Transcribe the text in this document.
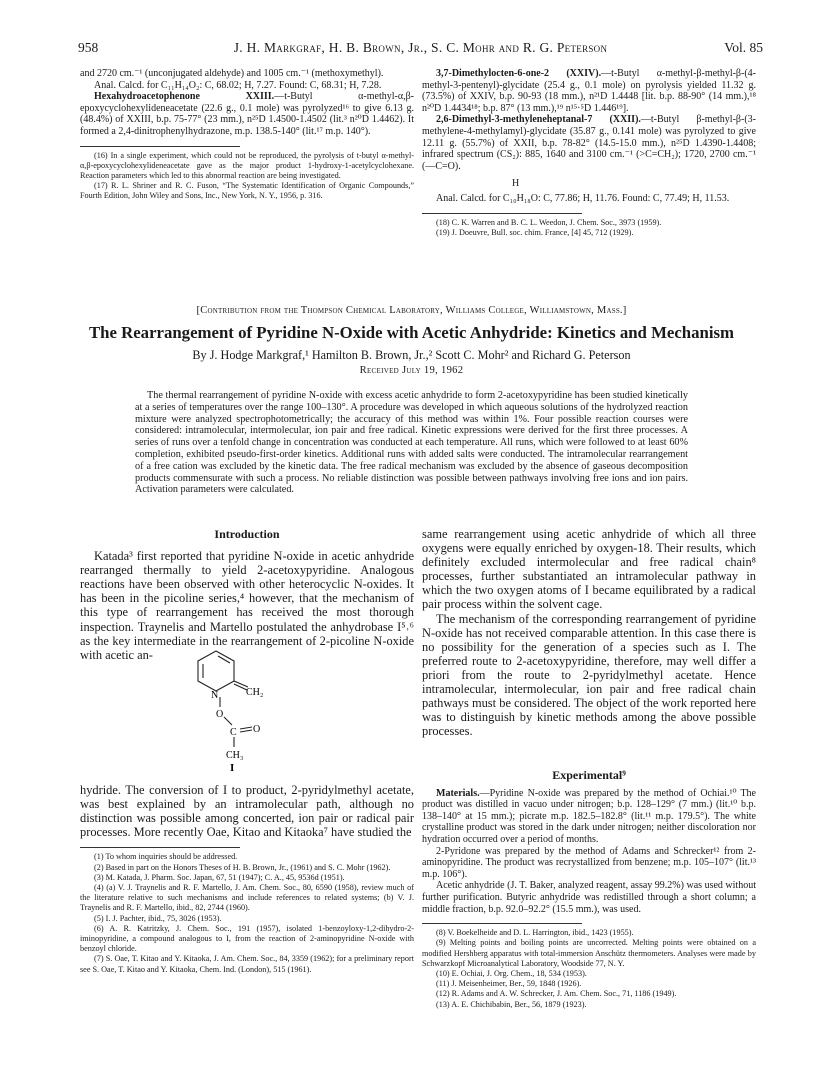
958	J. H. Markgraf, H. B. Brown, Jr., S. C. Mohr and R. G. Peterson	Vol. 85

and 2720 cm.⁻¹ (unconjugated aldehyde) and 1005 cm.⁻¹ (methoxymethyl).

Anal. Calcd. for C₁₁H₁₄O₂: C, 68.02; H, 7.27. Found: C, 68.31; H, 7.28.

Hexahydroacetophenone XXIII.—t-Butyl α-methyl-α,β-epoxycyclohexylideneacetate (22.6 g., 0.1 mole) was pyrolyzed¹⁶ to give 6.13 g. (48.4%) of XXIII, b.p. 75-77° (23 mm.), n²⁵D 1.4500-1.4502 (lit.³ n²⁰D 1.4462). It formed a 2,4-dinitrophenylhydrazone, m.p. 138.5-140° (lit.¹⁷ m.p. 140°).

(16) In a single experiment, which could not be reproduced, the pyrolysis of t-butyl α-methyl-α,β-epoxycyclohexylideneacetate gave as the major product 1-hydroxy-1-acetylcyclohexane. Reaction parameters which led to this abnormal reaction are being investigated.

(17) R. L. Shriner and R. C. Fuson, “The Systematic Identification of Organic Compounds,” Fourth Edition, John Wiley and Sons, Inc., New York, N. Y., 1956, p. 316.

3,7-Dimethylocten-6-one-2 (XXIV).—t-Butyl α-methyl-β-methyl-β-(4-methyl-3-pentenyl)-glycidate (25.4 g., 0.1 mole) on pyrolysis yielded 11.32 g. (73.5%) of XXIV, b.p. 90-93 (18 mm.), n²¹D 1.4448 [lit. b.p. 88-90° (14 mm.),¹⁸ n²⁰D 1.4434¹⁸; b.p. 87° (13 mm.),¹⁹ n¹⁵·⁵D 1.446¹⁹].

2,6-Dimethyl-3-methyleneheptanal-7 (XXII).—t-Butyl β-methyl-β-(3-methylene-4-methylamyl)-glycidate (35.87 g., 0.141 mole) was pyrolyzed to give 12.11 g. (55.7%) of XXII, b.p. 78-82° (14.5-15.0 mm.), n²⁵D 1.4390-1.4408; infrared spectrum (CS₂): 885, 1640 and 3100 cm.⁻¹ (>C=CH₂); 1720, 2700 cm.⁻¹ (—C=O).

H

Anal. Calcd. for C₁₀H₁₈O: C, 77.86; H, 11.76. Found: C, 77.49; H, 11.53.

(18) C. K. Warren and B. C. L. Weedon, J. Chem. Soc., 3973 (1959).

(19) J. Doeuvre, Bull. soc. chim. France, [4] 45, 712 (1929).

[Contribution from the Thompson Chemical Laboratory, Williams College, Williamstown, Mass.]
The Rearrangement of Pyridine N-Oxide with Acetic Anhydride: Kinetics and Mechanism
By J. Hodge Markgraf,¹ Hamilton B. Brown, Jr.,² Scott C. Mohr² and Richard G. Peterson
Received July 19, 1962
The thermal rearrangement of pyridine N-oxide with excess acetic anhydride to form 2-acetoxypyridine has been studied kinetically at a series of temperatures over the range 100–130°. A procedure was developed in which aqueous solutions of the hydrolyzed reaction mixture were analyzed spectrophotometrically; the accuracy of this method was within 1%. Four possible reaction courses were considered: intramolecular, intermolecular, ion pair and free radical. Kinetic expressions were derived for the first three processes. A series of runs over a tenfold change in concentration was conducted at each temperature. All runs, which were followed to at least 60% completion, exhibited pseudo-first-order kinetics. Additional runs with added salts were conducted. The intramolecular rearrangement of a free cation was excluded by the kinetic data. The free radical mechanism was excluded by the absence of gaseous decomposition products commensurate with such a process. No reliable distinction was possible between pathways involving free ions and ion pairs. Activation parameters were calculated.

Introduction

Katada³ first reported that pyridine N-oxide in acetic anhydride rearranged thermally to yield 2-acetoxypyridine. Analogous reactions have been observed with other heterocyclic N-oxides. It has been in the picoline series,⁴ however, that the mechanism of this type of rearrangement has received the most thorough inspection. Traynelis and Martello postulated the anhydrobase I⁵˒⁶ as the key intermediate in the rearrangement of 2-picoline N-oxide with acetic an-

N	CH₂
O
C O
CH₃
I

hydride. The conversion of I to product, 2-pyridylmethyl acetate, was best explained by an intramolecular path, although no distinction was possible among concerted, ion pair or radical pair processes. More recently Oae, Kitao and Kitaoka⁷ have studied the

(1) To whom inquiries should be addressed.

(2) Based in part on the Honors Theses of H. B. Brown, Jr., (1961) and S. C. Mohr (1962).

(3) M. Katada, J. Pharm. Soc. Japan, 67, 51 (1947); C. A., 45, 9536d (1951).

(4) (a) V. J. Traynelis and R. F. Martello, J. Am. Chem. Soc., 80, 6590 (1958), review much of the literature relative to such mechanisms and include references to related systems; (b) V. J. Traynelis and R. F. Martello, ibid., 82, 2744 (1960).

(5) I. J. Pachter, ibid., 75, 3026 (1953).

(6) A. R. Katritzky, J. Chem. Soc., 191 (1957), isolated 1-benzoyloxy-1,2-dihydro-2-iminopyridine, a compound analogous to I, from the reaction of 2-aminopyridine N-oxide with benzoyl chloride.

(7) S. Oae, T. Kitao and Y. Kitaoka, J. Am. Chem. Soc., 84, 3359 (1962); for a preliminary report see S. Oae, T. Kitao and Y. Kitaoka, Chem. Ind. (London), 515 (1961).

same rearrangement using acetic anhydride of which all three oxygens were equally enriched by oxygen-18. Their results, which definitely excluded intermolecular and free radical chain⁸ processes, further substantiated an intramolecular pathway in which the two oxygen atoms of I became equilibrated by a radical pair process within the solvent cage.

The mechanism of the corresponding rearrangement of pyridine N-oxide has not received comparable attention. In this case there is no possibility for the generation of a species such as I. The preferred route to 2-acetoxypyridine, therefore, may well differ a priori from the route to 2-pyridylmethyl acetate. Hence intramolecular, intermolecular, ion pair and free radical chain pathways must be considered. The object of the work reported here was to distinguish by kinetic methods among the above possible processes.

Experimental⁹

Materials.—Pyridine N-oxide was prepared by the method of Ochiai.¹⁰ The product was distilled in vacuo under nitrogen; b.p. 128–129° (7 mm.) (lit.¹⁰ b.p. 138–140° at 15 mm.); picrate m.p. 182.5–182.8° (lit.¹¹ m.p. 179.5°). The white crystalline product was stored in the dark under nitrogen; neither discoloration nor hydration occurred over a period of months.

2-Pyridone was prepared by the method of Adams and Schrecker¹² from 2-aminopyridine. The product was recrystallized from benzene; m.p. 105–107° (lit.¹³ m.p. 106°).

Acetic anhydride (J. T. Baker, analyzed reagent, assay 99.2%) was used without further purification. Butyric anhydride was redistilled through a short column; a middle fraction, b.p. 92.0–92.2° (15.5 mm.), was used.

(8) V. Boekelheide and D. L. Harrington, ibid., 1423 (1955).

(9) Melting points and boiling points are uncorrected. Melting points were obtained on a modified Hershberg apparatus with total-immersion Anschütz thermometers. Analyses were made by Schwarzkopf Microanalytical Laboratory, Woodside 77, N. Y.

(10) E. Ochiai, J. Org. Chem., 18, 534 (1953).

(11) J. Meisenheimer, Ber., 59, 1848 (1926).

(12) R. Adams and A. W. Schrecker, J. Am. Chem. Soc., 71, 1186 (1949).

(13) A. E. Chichibabin, Ber., 56, 1879 (1923).
